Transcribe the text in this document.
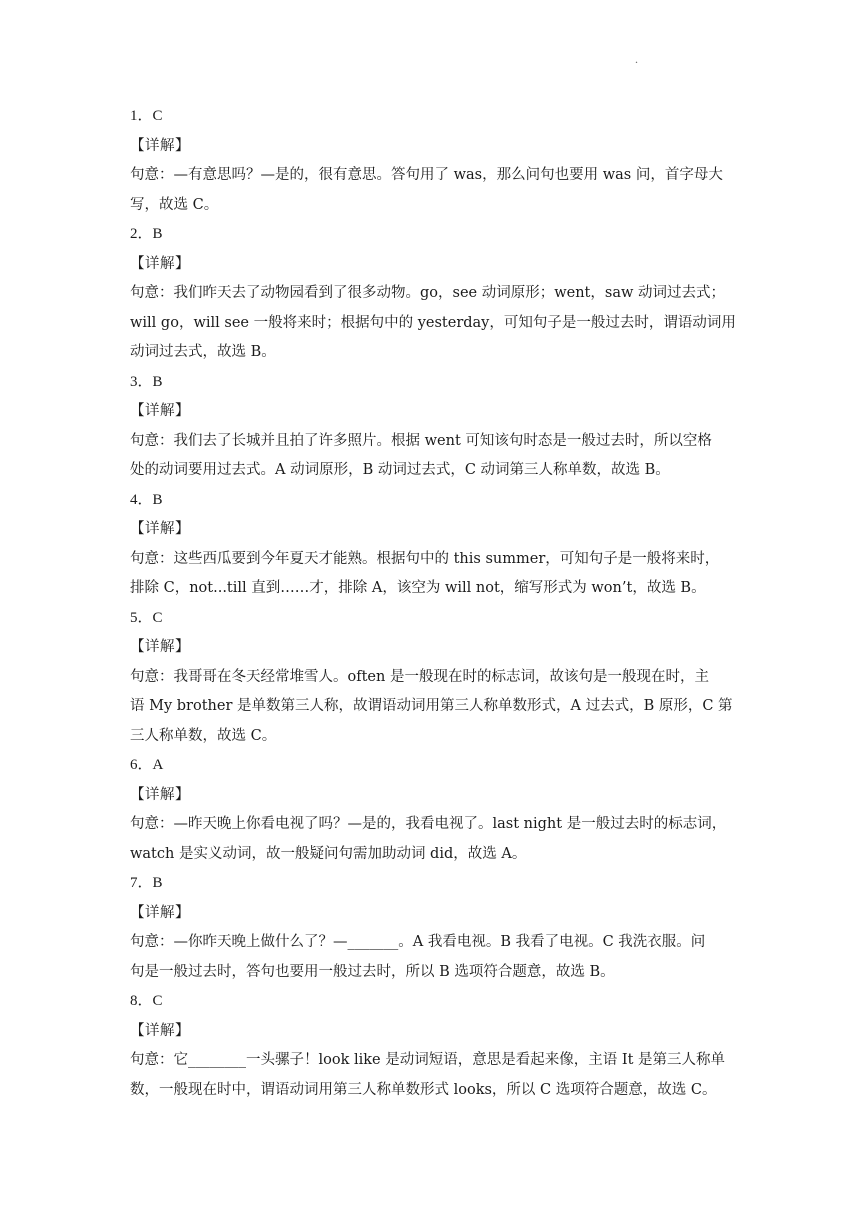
.
1．C
【详解】
句意：—有意思吗？—是的，很有意思。答句用了 was，那么问句也要用 was 问，首字母大
写，故选 C。
2．B
【详解】
句意：我们昨天去了动物园看到了很多动物。go，see 动词原形；went，saw 动词过去式；
will go，will see 一般将来时；根据句中的 yesterday，可知句子是一般过去时，谓语动词用
动词过去式，故选 B。
3．B
【详解】
句意：我们去了长城并且拍了许多照片。根据 went 可知该句时态是一般过去时，所以空格
处的动词要用过去式。A 动词原形，B 动词过去式，C 动词第三人称单数，故选 B。
4．B
【详解】
句意：这些西瓜要到今年夏天才能熟。根据句中的 this summer，可知句子是一般将来时，
排除 C，not...till 直到……才，排除 A，该空为 will not，缩写形式为 won’t，故选 B。
5．C
【详解】
句意：我哥哥在冬天经常堆雪人。often 是一般现在时的标志词，故该句是一般现在时，主
语 My brother 是单数第三人称，故谓语动词用第三人称单数形式，A 过去式，B 原形，C 第
三人称单数，故选 C。
6．A
【详解】
句意：—昨天晚上你看电视了吗？—是的，我看电视了。last night 是一般过去时的标志词，
watch 是实义动词，故一般疑问句需加助动词 did，故选 A。
7．B
【详解】
句意：—你昨天晚上做什么了？—_______。A 我看电视。B 我看了电视。C 我洗衣服。问
句是一般过去时，答句也要用一般过去时，所以 B 选项符合题意，故选 B。
8．C
【详解】
句意：它________一头骡子！look like 是动词短语，意思是看起来像，主语 It 是第三人称单
数，一般现在时中，谓语动词用第三人称单数形式 looks，所以 C 选项符合题意，故选 C。
